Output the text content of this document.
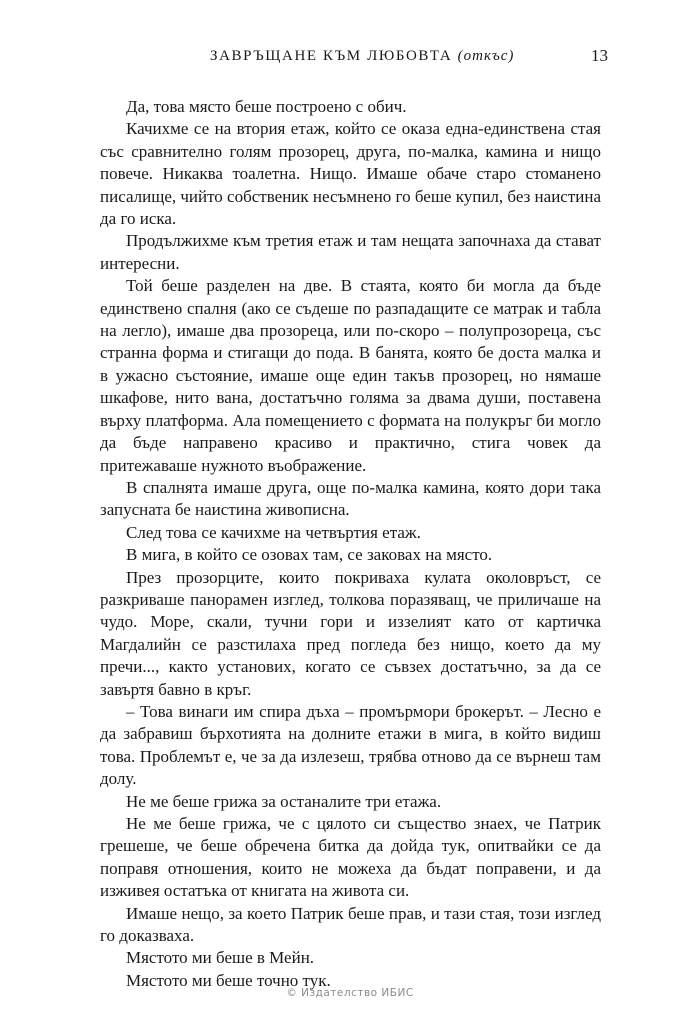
ЗАВРЪЩАНЕ КЪМ ЛЮБОВТА (откъс)	13

Да, това място беше построено с обич.

Качихме се на втория етаж, който се оказа една-единствена стая със сравнително голям прозорец, друга, по-малка, камина и нищо повече. Никаква тоалетна. Нищо. Имаше обаче старо стоманено писалище, чийто собственик несъмнено го беше купил, без наистина да го иска.

Продължихме към третия етаж и там нещата започнаха да стават интересни.

Той беше разделен на две. В стаята, която би могла да бъде единствено спалня (ако се съдеше по разпадащите се матрак и табла на легло), имаше два прозореца, или по-скоро – полупрозореца, със странна форма и стигащи до пода. В банята, която бе доста малка и в ужасно състояние, имаше още един такъв прозорец, но нямаше шкафове, нито вана, достатъчно голяма за двама души, поставена върху платформа. Ала помещението с формата на полукръг би могло да бъде направено красиво и практично, стига човек да притежаваше нужното въображение.

В спалнята имаше друга, още по-малка камина, която дори така запусната бе наистина живописна.

След това се качихме на четвъртия етаж.

В мига, в който се озовах там, се заковах на място.

През прозорците, които покриваха кулата околовръст, се разкриваше панорамен изглед, толкова поразяващ, че приличаше на чудо. Море, скали, тучни гори и иззелият като от картичка Магдалийн се разстилаха пред погледа без нищо, което да му пречи..., както установих, когато се съвзех достатъчно, за да се завъртя бавно в кръг.

– Това винаги им спира дъха – промърмори брокерът. – Лесно е да забравиш бърхотията на долните етажи в мига, в който видиш това. Проблемът е, че за да излезеш, трябва отново да се върнеш там долу.

Не ме беше грижа за останалите три етажа.

Не ме беше грижа, че с цялото си същество знаех, че Патрик грешеше, че беше обречена битка да дойда тук, опитвайки се да поправя отношения, които не можеха да бъдат поправени, и да изживея остатъка от книгата на живота си.

Имаше нещо, за което Патрик беше прав, и тази стая, този изглед го доказваха.

Мястото ми беше в Мейн.

Мястото ми беше точно тук.

© Издателство ИБИС
